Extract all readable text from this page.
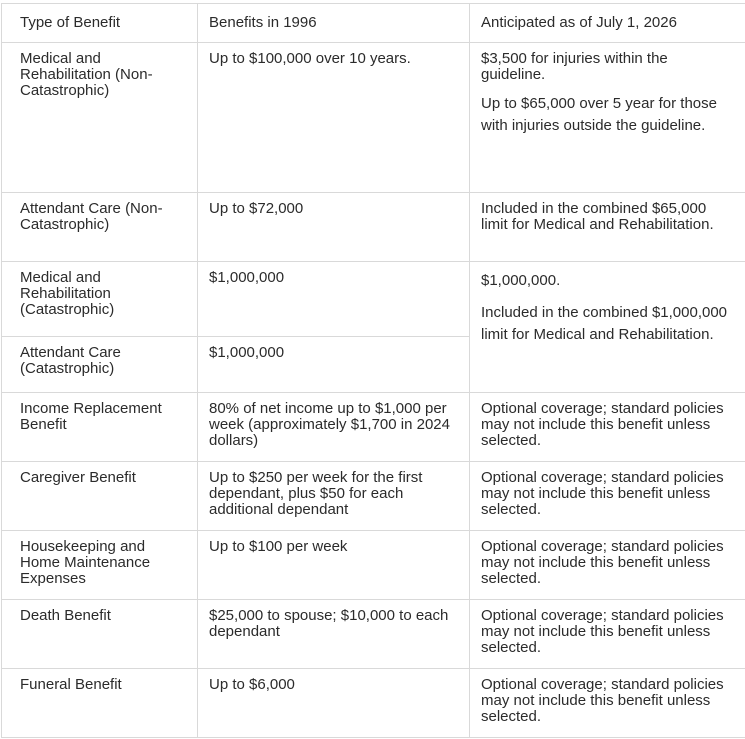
Type of Benefit	Benefits in 1996	Anticipated as of July 1, 2026
Medical and Rehabilitation (Non-Catastrophic)	Up to $100,000 over 10 years.	$3,500 for injuries within the guideline.

Up to $65,000 over 5 year for those with injuries outside the guideline.

Attendant Care (Non-Catastrophic)	Up to $72,000	Included in the combined $65,000 limit for Medical and Rehabilitation.
Medical and Rehabilitation (Catastrophic)	$1,000,000	$1,000,000.

Included in the combined $1,000,000 limit for Medical and Rehabilitation.

Attendant Care (Catastrophic)	$1,000,000	
Income Replacement Benefit	80% of net income up to $1,000 per week (approximately $1,700 in 2024 dollars)	Optional coverage; standard policies may not include this benefit unless selected.
Caregiver Benefit	Up to $250 per week for the first dependant, plus $50 for each additional dependant	Optional coverage; standard policies may not include this benefit unless selected.
Housekeeping and Home Maintenance Expenses	Up to $100 per week	Optional coverage; standard policies may not include this benefit unless selected.
Death Benefit	$25,000 to spouse; $10,000 to each dependant	Optional coverage; standard policies may not include this benefit unless selected.
Funeral Benefit	Up to $6,000	Optional coverage; standard policies may not include this benefit unless selected.
